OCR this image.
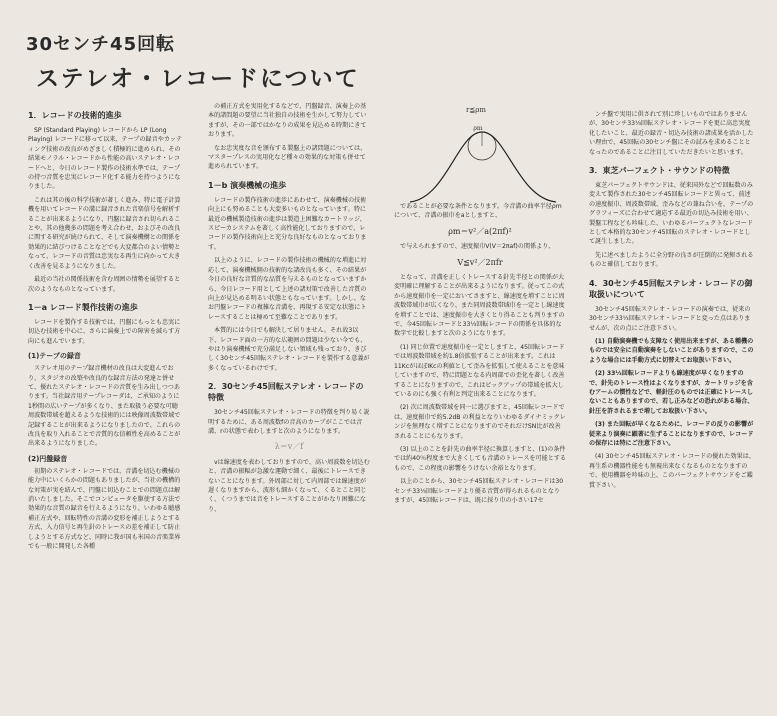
30センチ45回転
ステレオ・レコードについて
1．レコードの技術的進歩

SP (Standard Playing) レコードから LP (Long Playing) レコードに移って以来、テープの録音やカッティング技術の改良がめざましく積極的に進められ、その結果モノラル・レコードから性能の高いステレオ・レコードへと、今日のレコード製作の技術水準では、テープの持つ音質を忠実にレコード化する能力を持つようになりました。

これは其の後の科学技術が著しく進み、特に電子計算機を用いてレコードの溝に録音された音楽信号を解析することが出来るようになり、円盤に録音され切られることや、其の他幾多の問題を考え合わせ、およびその改良に関する研究が続けられて、そして演奏機構との関係を効果的に結びつけることなどでも大変都合のよい情勢となって、レコードの音質は忠実なる再生に向かって大きく改善を見るようになりました。

最近の当社の関係技術を含む周囲の情勢を展望すると次のようなものとなっています。

1－a レコード製作技術の進歩

レコードを製作する技術では、円盤にもっとも忠実に切込む技術を中心に、さらに演奏上での障害を減らす方向にも進んでいます。

(1)テープの録音

ステレオ用のテープ録音機材の改良は大変進んでおり、スタジオの改築や改良的な録音方法の発達と併せて、優れたステレオ・レコードの音質を生み出しつつあります。当社録音用テープレコーダは、ご承知のように1秒間の広いテープが多くなり、また取扱う必要な可聴周波数帯域を超えるような技術的には映像周波数帯域で記録することが出来るようになりましたので、これらの改良を取り入れることで音質的な信頼性を高めることが出来るようになりました。

(2)円盤録音

初期のステレオ・レコードでは、音溝を切込む機械の能力中にいくらかの問題もありましたが、当社の機構的な対策が実を結んで、円盤に切込むことでの問題点は解消いたしました。そこでコンピュータを駆使する方法で効果的な音質の録音を行えるようになり、いわゆる聴感補正方式や、回転特性の音溝の変形を補正しようとする方式、入力信号と再生針のトレースの差を補正して防止しようとする方式など、同時に我が国も米国の音楽業界でも一般に開発した各種

の補正方式を実用化するなどで、円盤録音、演奏上の基本的諸問題の要望に当社独自の技術を生かして努力していますが、その一部ではかなりの成果を見込める時期にきております。

なお忠実度な音を頒布する製盤上の諸問題については、マスタープレスの実用化など種々の効果的な対策も併せて進められています。

1－b 演奏機械の進歩

レコードの製作技術の進歩にあわせて、演奏機械の技術向上にも努めることも大変多いものとなっています。特に最近の機械製造技術の進歩は製造上困難なカートリッジ、スピーカシステムを著しく高性能化しておりますので、レコードの製作技術向上と充分な良好なものとなっております。

以上のように、レコードの製作技術の機械的な増進に対応して、演奏機械側の技術的な諸改良も多く、その結果が今日の良好な音質的な品質を与えるものとなっていますから、今日レコード用として上述の諸対策で改善した音質の向上が見込める明るい状態ともなっています。しかし、なお円盤レコードの複雑な音溝を、再現する安定な状態にトレースすることは極めて至難なことであります。

本質的には今日でも解決して居りません。それ故3以下、レコード面の一方的な広範囲の問題は少ない今でも、やはり演奏機械で充分満足しない領域も残っており、きびしく30センチ45回転ステレオ・レコードを製作する意義が多くなっているわけです。

2．30センチ45回転ステレオ・レコードの特徴

30センチ45回転ステレオ・レコードの特徴を判り易く説明するために、ある周波数fの音高のカーブがここでは音溝、rの状態で表わしますと次のようになります。

λ＝v／f

vは線速度を表わしておりますので、高い周波数を切込むと、音溝の振幅が急激な運動で細く、最後にトレースできないことになります。外周部に対して内周部では線速度が遅くなりますから、波形も細かくなって、くるとこと同じく、くつうまでは音をトレースすることがかなり困難になり、

r≦ρm
ρm

であることが必要な条件となります。今音溝の曲率半径ρmについて、音溝の振巾をaとしますと、

ρm＝v²／a(2πf)²

で与えられますので、速度振巾V(V＝2πaf)の関係より、

V≦v²／2πfr

となって、音溝を正しくトレースする針先半径との関係が大変明確に理解することが出来るようになります。従ってこの式から速度振巾を一定においてさますと、線速度を増すことに周波数帯域巾が広くなり、また同周波数帯域巾を一定とし線速度を増すことでは、速度振巾を大きくとり得ることも判りますので、今45回転レコードと33⅓回転レコードの関係を具体的な数字で比較しますと次のようになります。

(1) 同じ位置で速度振巾を一定としますと、45回転レコードでは周波数帯域を約1.8倍拡張することが出来ます。これは11KcがほぼIKcの利値として歪みを拡張して使えることを意味していますので、特に問題となる内周部での歪化を著しく改善することになりますので、これはピックアップの帯域を拡大しているのにも強く有利と判定出来ることになります。

(2) 次に周波数帯域を同一に選びますと、45回転レコードでは、速度振巾で約5.2dB の利益となりいわゆるダイナミックレンジを無理なく増すことになりますのでそれだけSN比が改善されることにもなります。

(3) 以上のことを針先の曲率半径に換算しますと、(1)の条件では約40％程度まで大きくしても音溝のトレースを可能とするもので、この程度の影響をうけない余裕となります。

以上のことから、30センチ45回転ステレオ・レコードは30センチ33⅓回転レコードより優る音質が得られるものとなりますが、45回転レコードは、既に採り巾の小さい17セ

ンチ盤で実用に供されて別に珍しいものではありませんが、30センチ33⅓回転ステレオ・レコードを更に高忠実度化したいこと、最近の録音・切込み技術の諸成果を活かしたい理由で、45回転の30センチ盤にその試みを求めることとなったのであることに注目していただきたいと思います。

3．東芝パーフェクト・サウンドの特徴

東芝パーフェクトサウンドは、従来国外などで回転数のみ変えて製作された30センチ45回転レコードと異って、前述の速度振巾、周波数帯域、歪みなどの兼ね合いを、テープのグラフィーズに合わせて適応する最近の切込み技術を用い、製盤工程なども吟味した、いわゆるパーフェクトなレコードとして本格的な30センチ45回転のステレオ・レコードとして誕生しました。

先に述べましたように全分野の良さが圧倒的に発揮されるものと確信しております。

4．30センチ45回転ステレオ・レコードの御取扱いについて

30センチ45回転ステレオ・レコードの演奏では、従来の30センチ33⅓回転ステレオ・レコードと変った点はありませんが、次の点にご注意下さい。

(1) 自動演奏機でも支障なく使用出来ますが、ある種機のものでは安全に自動演奏をしないことがありますので、このような場合には手動方式に切替えてお取扱い下さい。

(2) 33⅓回転レコードよりも線速度が早くなりますので、針先のトレース性はよくなりますが、カートリッジを含むアームの慣性などで、軽針圧のものでは正確にトレースしないこともありますので、若し正みなどの恐れがある場合、針圧を許されるまで増してお取扱い下さい。

(3) また回転が早くなるために、レコードの反りの影響が従来より演奏に顕著に生ずることになりますので、レコードの保存には特にご注意下さい。

(4) 30センチ45回転ステレオ・レコードの優れた効果は、再生系の機器性能をも無視出来なくなるものとなりますので、使用機器を吟味の上、このパーフェクトサウンドをご鑑賞下さい。
